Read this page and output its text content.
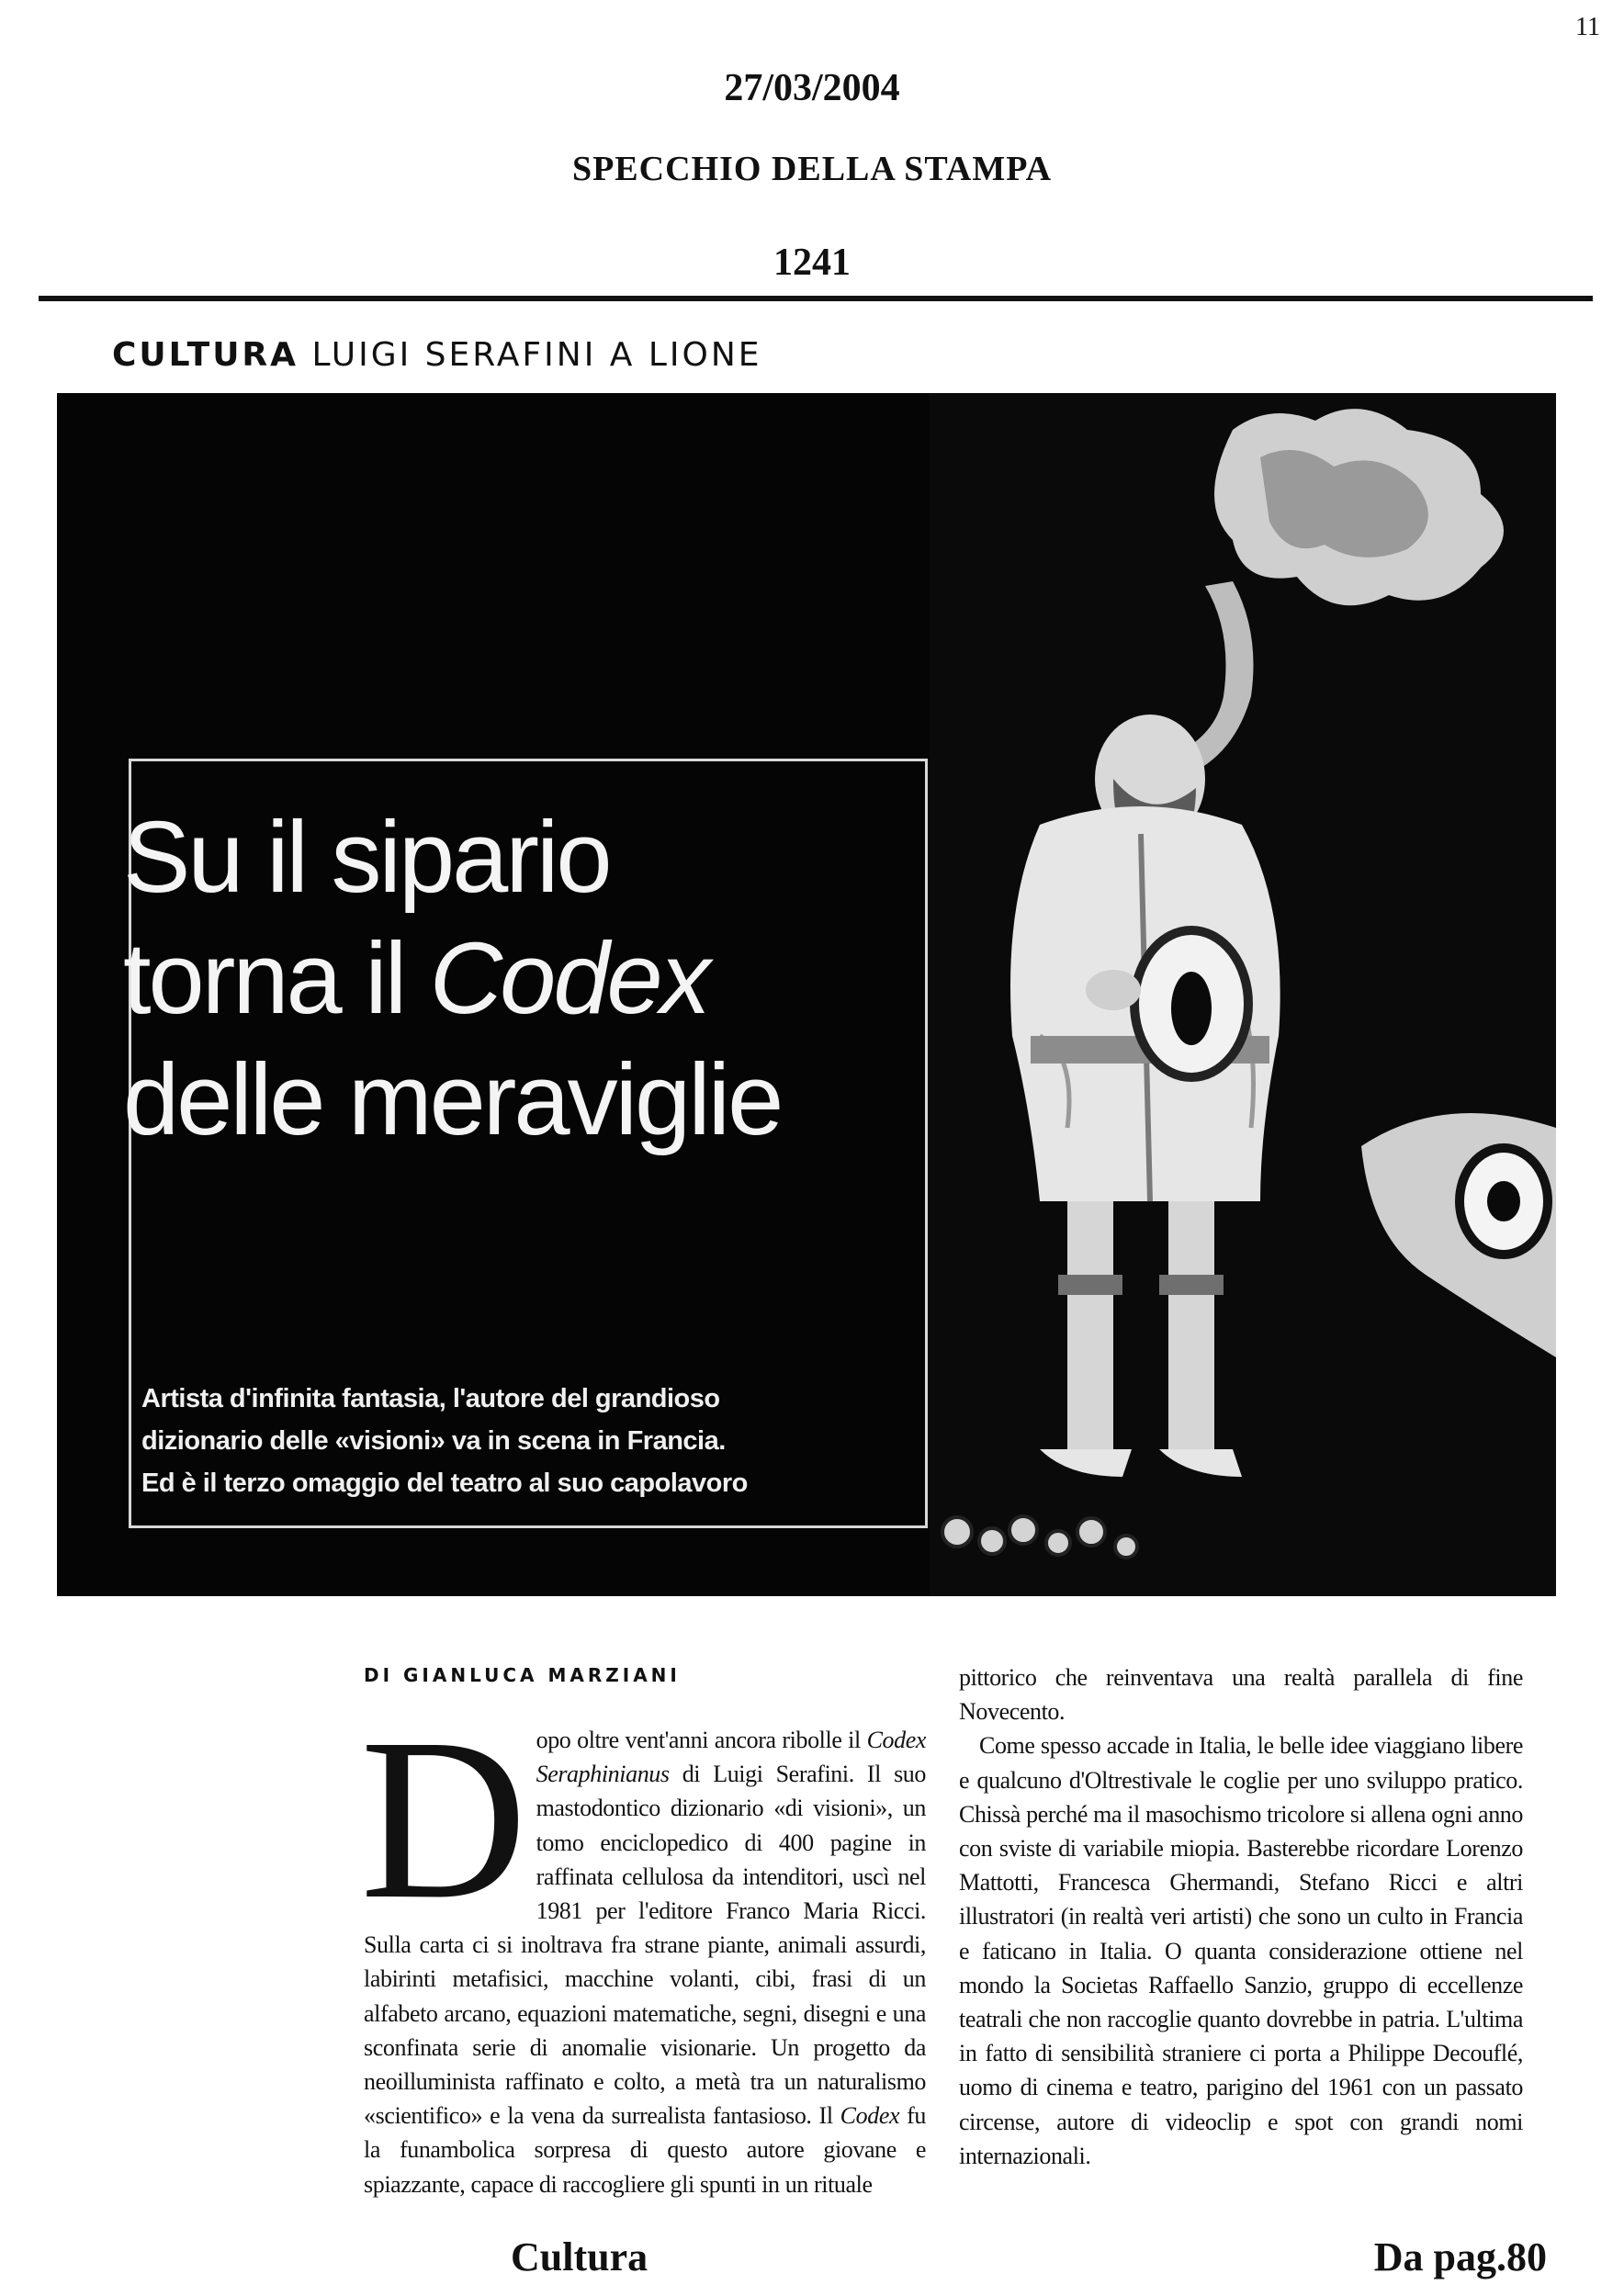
11
27/03/2004
SPECCHIO DELLA STAMPA
1241
CULTURA LUIGI SERAFINI A LIONE
Su il sipario
torna il Codex
delle meraviglie

Artista d'infinita fantasia, l'autore del grandioso
dizionario delle «visioni» va in scena in Francia.
Ed è il terzo omaggio del teatro al suo capolavoro

DI GIANLUCA MARZIANI

Dopo oltre vent'anni ancora ribolle il Codex Seraphinianus di Luigi Serafini. Il suo mastodontico dizionario «di visioni», un tomo enciclopedico di 400 pagine in raffinata cellulosa da intenditori, uscì nel 1981 per l'editore Franco Maria Ricci. Sulla carta ci si inoltrava fra strane piante, animali assurdi, labirinti metafisici, macchine volanti, cibi, frasi di un alfabeto arcano, equazioni matematiche, segni, disegni e una sconfinata serie di anomalie visionarie. Un progetto da neoilluminista raffinato e colto, a metà tra un naturalismo «scientifico» e la vena da surrealista fantasioso. Il Codex fu la funambolica sorpresa di questo autore giovane e spiazzante, capace di raccogliere gli spunti in un rituale

pittorico che reinventava una realtà parallela di fine Novecento.

Come spesso accade in Italia, le belle idee viaggiano libere e qualcuno d'Oltrestivale le coglie per uno sviluppo pratico. Chissà perché ma il masochismo tricolore si allena ogni anno con sviste di variabile miopia. Basterebbe ricordare Lorenzo Mattotti, Francesca Ghermandi, Stefano Ricci e altri illustratori (in realtà veri artisti) che sono un culto in Francia e faticano in Italia. O quanta considerazione ottiene nel mondo la Societas Raffaello Sanzio, gruppo di eccellenze teatrali che non raccoglie quanto dovrebbe in patria. L'ultima in fatto di sensibilità straniere ci porta a Philippe Decouflé, uomo di cinema e teatro, parigino del 1961 con un passato circense, autore di videoclip e spot con grandi nomi internazionali.

Cultura	Da pag.80
